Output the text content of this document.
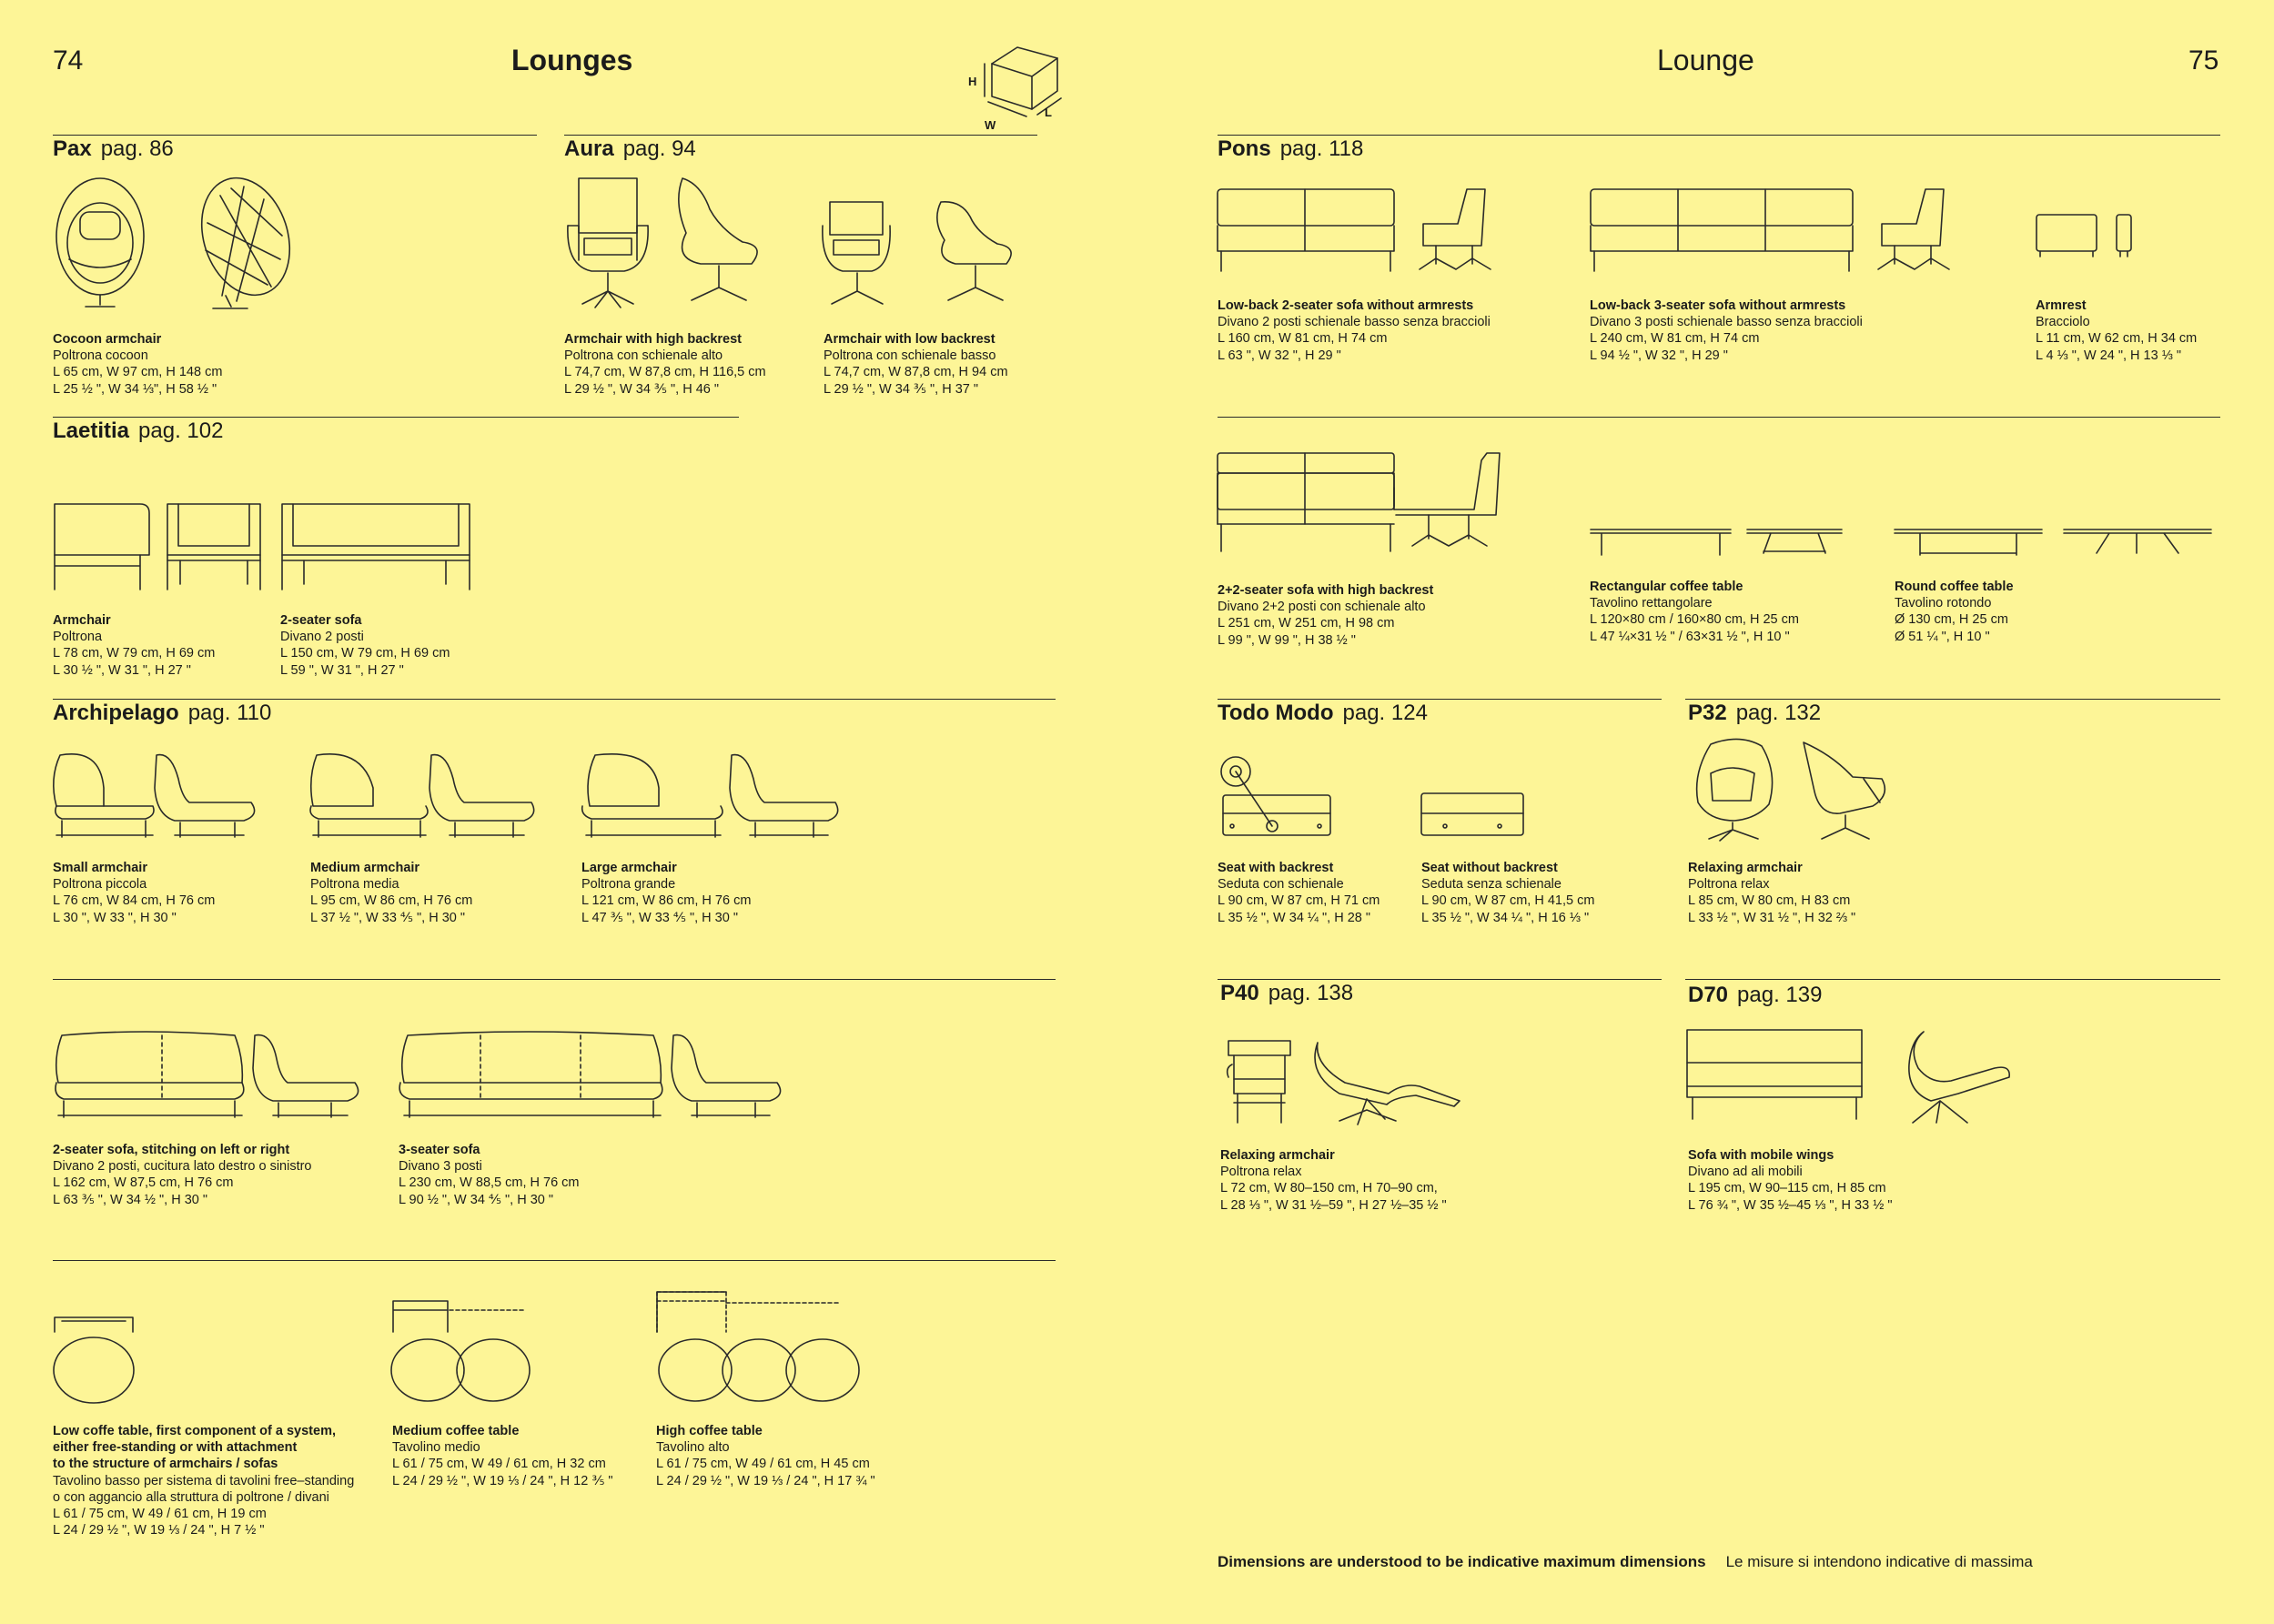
74	Lounges	Lounge	75
H
W
L
Pax pag. 86	Aura pag. 94
Laetitia pag. 102
Archipelago pag. 110
Pons pag. 118
Todo Modo pag. 124	P32 pag. 132
P40 pag. 138	D70 pag. 139
Cocoon armchair
Poltrona cocoon
L 65 cm, W 97 cm, H 148 cm
L 25 ½ ", W 34 ⅓", H 58 ½ "
Armchair with high backrest
Poltrona con schienale alto
L 74,7 cm, W 87,8 cm, H 116,5 cm
L 29 ½ ", W 34 ⅗ ", H 46 "
Armchair with low backrest
Poltrona con schienale basso
L 74,7 cm, W 87,8 cm, H 94 cm
L 29 ½ ", W 34 ⅗ ", H 37 "
Armchair
Poltrona
L 78 cm, W 79 cm, H 69 cm
L 30 ½ ", W 31 ", H 27 "
2-seater sofa
Divano 2 posti
L 150 cm, W 79 cm, H 69 cm
L 59 ", W 31 ", H 27 "
Small armchair
Poltrona piccola
L 76 cm, W 84 cm, H 76 cm
L 30 ", W 33 ", H 30 "
Medium armchair
Poltrona media
L 95 cm, W 86 cm, H 76 cm
L 37 ½ ", W 33 ⅘ ", H 30 "
Large armchair
Poltrona grande
L 121 cm, W 86 cm, H 76 cm
L 47 ⅗ ", W 33 ⅘ ", H 30 "
2-seater sofa, stitching on left or right
Divano 2 posti, cucitura lato destro o sinistro
L 162 cm, W 87,5 cm, H 76 cm
L 63 ⅗ ", W 34 ½ ", H 30 "
3-seater sofa
Divano 3 posti
L 230 cm, W 88,5 cm, H 76 cm
L 90 ½ ", W 34 ⅘ ", H 30 "
Low coffe table, first component of a system,
either free-standing or with attachment
to the structure of armchairs / sofas
Tavolino basso per sistema di tavolini free–standing
o con aggancio alla struttura di poltrone / divani
L 61 / 75 cm, W 49 / 61 cm, H 19 cm
L 24 / 29 ½ ", W 19 ⅓ / 24 ", H 7 ½ "
Medium coffee table
Tavolino medio
L 61 / 75 cm, W 49 / 61 cm, H 32 cm
L 24 / 29 ½ ", W 19 ⅓ / 24 ", H 12 ⅗ "
High coffee table
Tavolino alto
L 61 / 75 cm, W 49 / 61 cm, H 45 cm
L 24 / 29 ½ ", W 19 ⅓ / 24 ", H 17 ¾ "
Low-back 2-seater sofa without armrests
Divano 2 posti schienale basso senza braccioli
L 160 cm, W 81 cm, H 74 cm
L 63 ", W 32 ", H 29 "
Low-back 3-seater sofa without armrests
Divano 3 posti schienale basso senza braccioli
L 240 cm, W 81 cm, H 74 cm
L 94 ½ ", W 32 ", H 29 "
Armrest
Bracciolo
L 11 cm, W 62 cm, H 34 cm
L 4 ⅓ ", W 24 ", H 13 ⅓ "
2+2-seater sofa with high backrest
Divano 2+2 posti con schienale alto
L 251 cm, W 251 cm, H 98 cm
L 99 ", W 99 ", H 38 ½ "
Rectangular coffee table
Tavolino rettangolare
L 120×80 cm / 160×80 cm, H 25 cm
L 47 ¼×31 ½ " / 63×31 ½ ", H 10 "
Round coffee table
Tavolino rotondo
Ø 130 cm, H 25 cm
Ø 51 ¼ ", H 10 "
Seat with backrest
Seduta con schienale
L 90 cm, W 87 cm, H 71 cm
L 35 ½ ", W 34 ¼ ", H 28 "
Seat without backrest
Seduta senza schienale
L 90 cm, W 87 cm, H 41,5 cm
L 35 ½ ", W 34 ¼ ", H 16 ⅓ "
Relaxing armchair
Poltrona relax
L 85 cm, W 80 cm, H 83 cm
L 33 ½ ", W 31 ½ ", H 32 ⅔ "
Relaxing armchair
Poltrona relax
L 72 cm, W 80–150 cm, H 70–90 cm,
L 28 ⅓ ", W 31 ½–59 ", H 27 ½–35 ½ "
Sofa with mobile wings
Divano ad ali mobili
L 195 cm, W 90–115 cm, H 85 cm
L 76 ¾ ", W 35 ½–45 ⅓ ", H 33 ½ "
Dimensions are understood to be indicative maximum dimensions Le misure si intendono indicative di massima
